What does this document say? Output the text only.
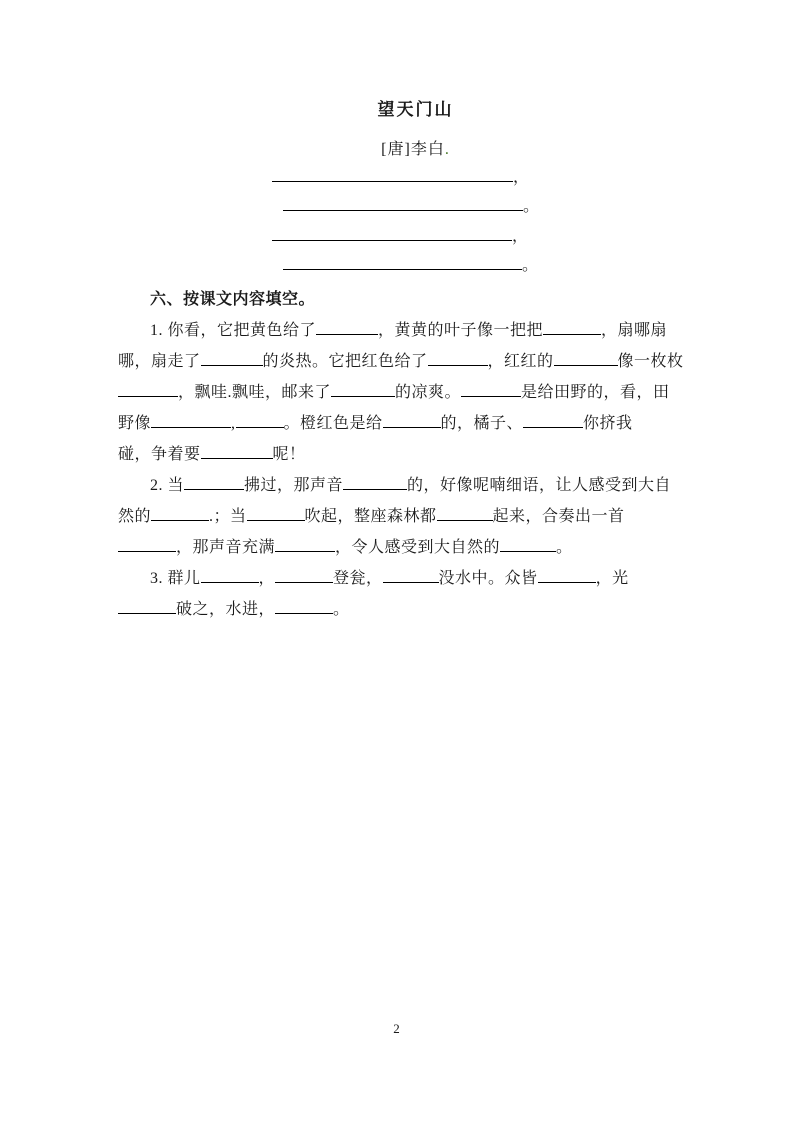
望天门山
[唐]李白.
，
。
，
。
六、按课文内容填空。
1. 你看，它把黄色给了	，黄黄的叶子像一把把	，扇哪扇
哪，扇走了	的炎热。它把红色给了	，红红的	像一枚枚
，飘哇.飘哇，邮来了	的凉爽。	是给田野的，看，田
野像	,	。橙红色是给	的，橘子、	你挤我
碰，争着要	呢！
2. 当	拂过，那声音	的，好像呢喃细语，让人感受到大自
然的	.；当	吹起，整座森林都	起来，合奏出一首
，那声音充满	，令人感受到大自然的	。
3. 群儿	，	登瓮，	没水中。众皆	，光
破之，水进，	。
2
